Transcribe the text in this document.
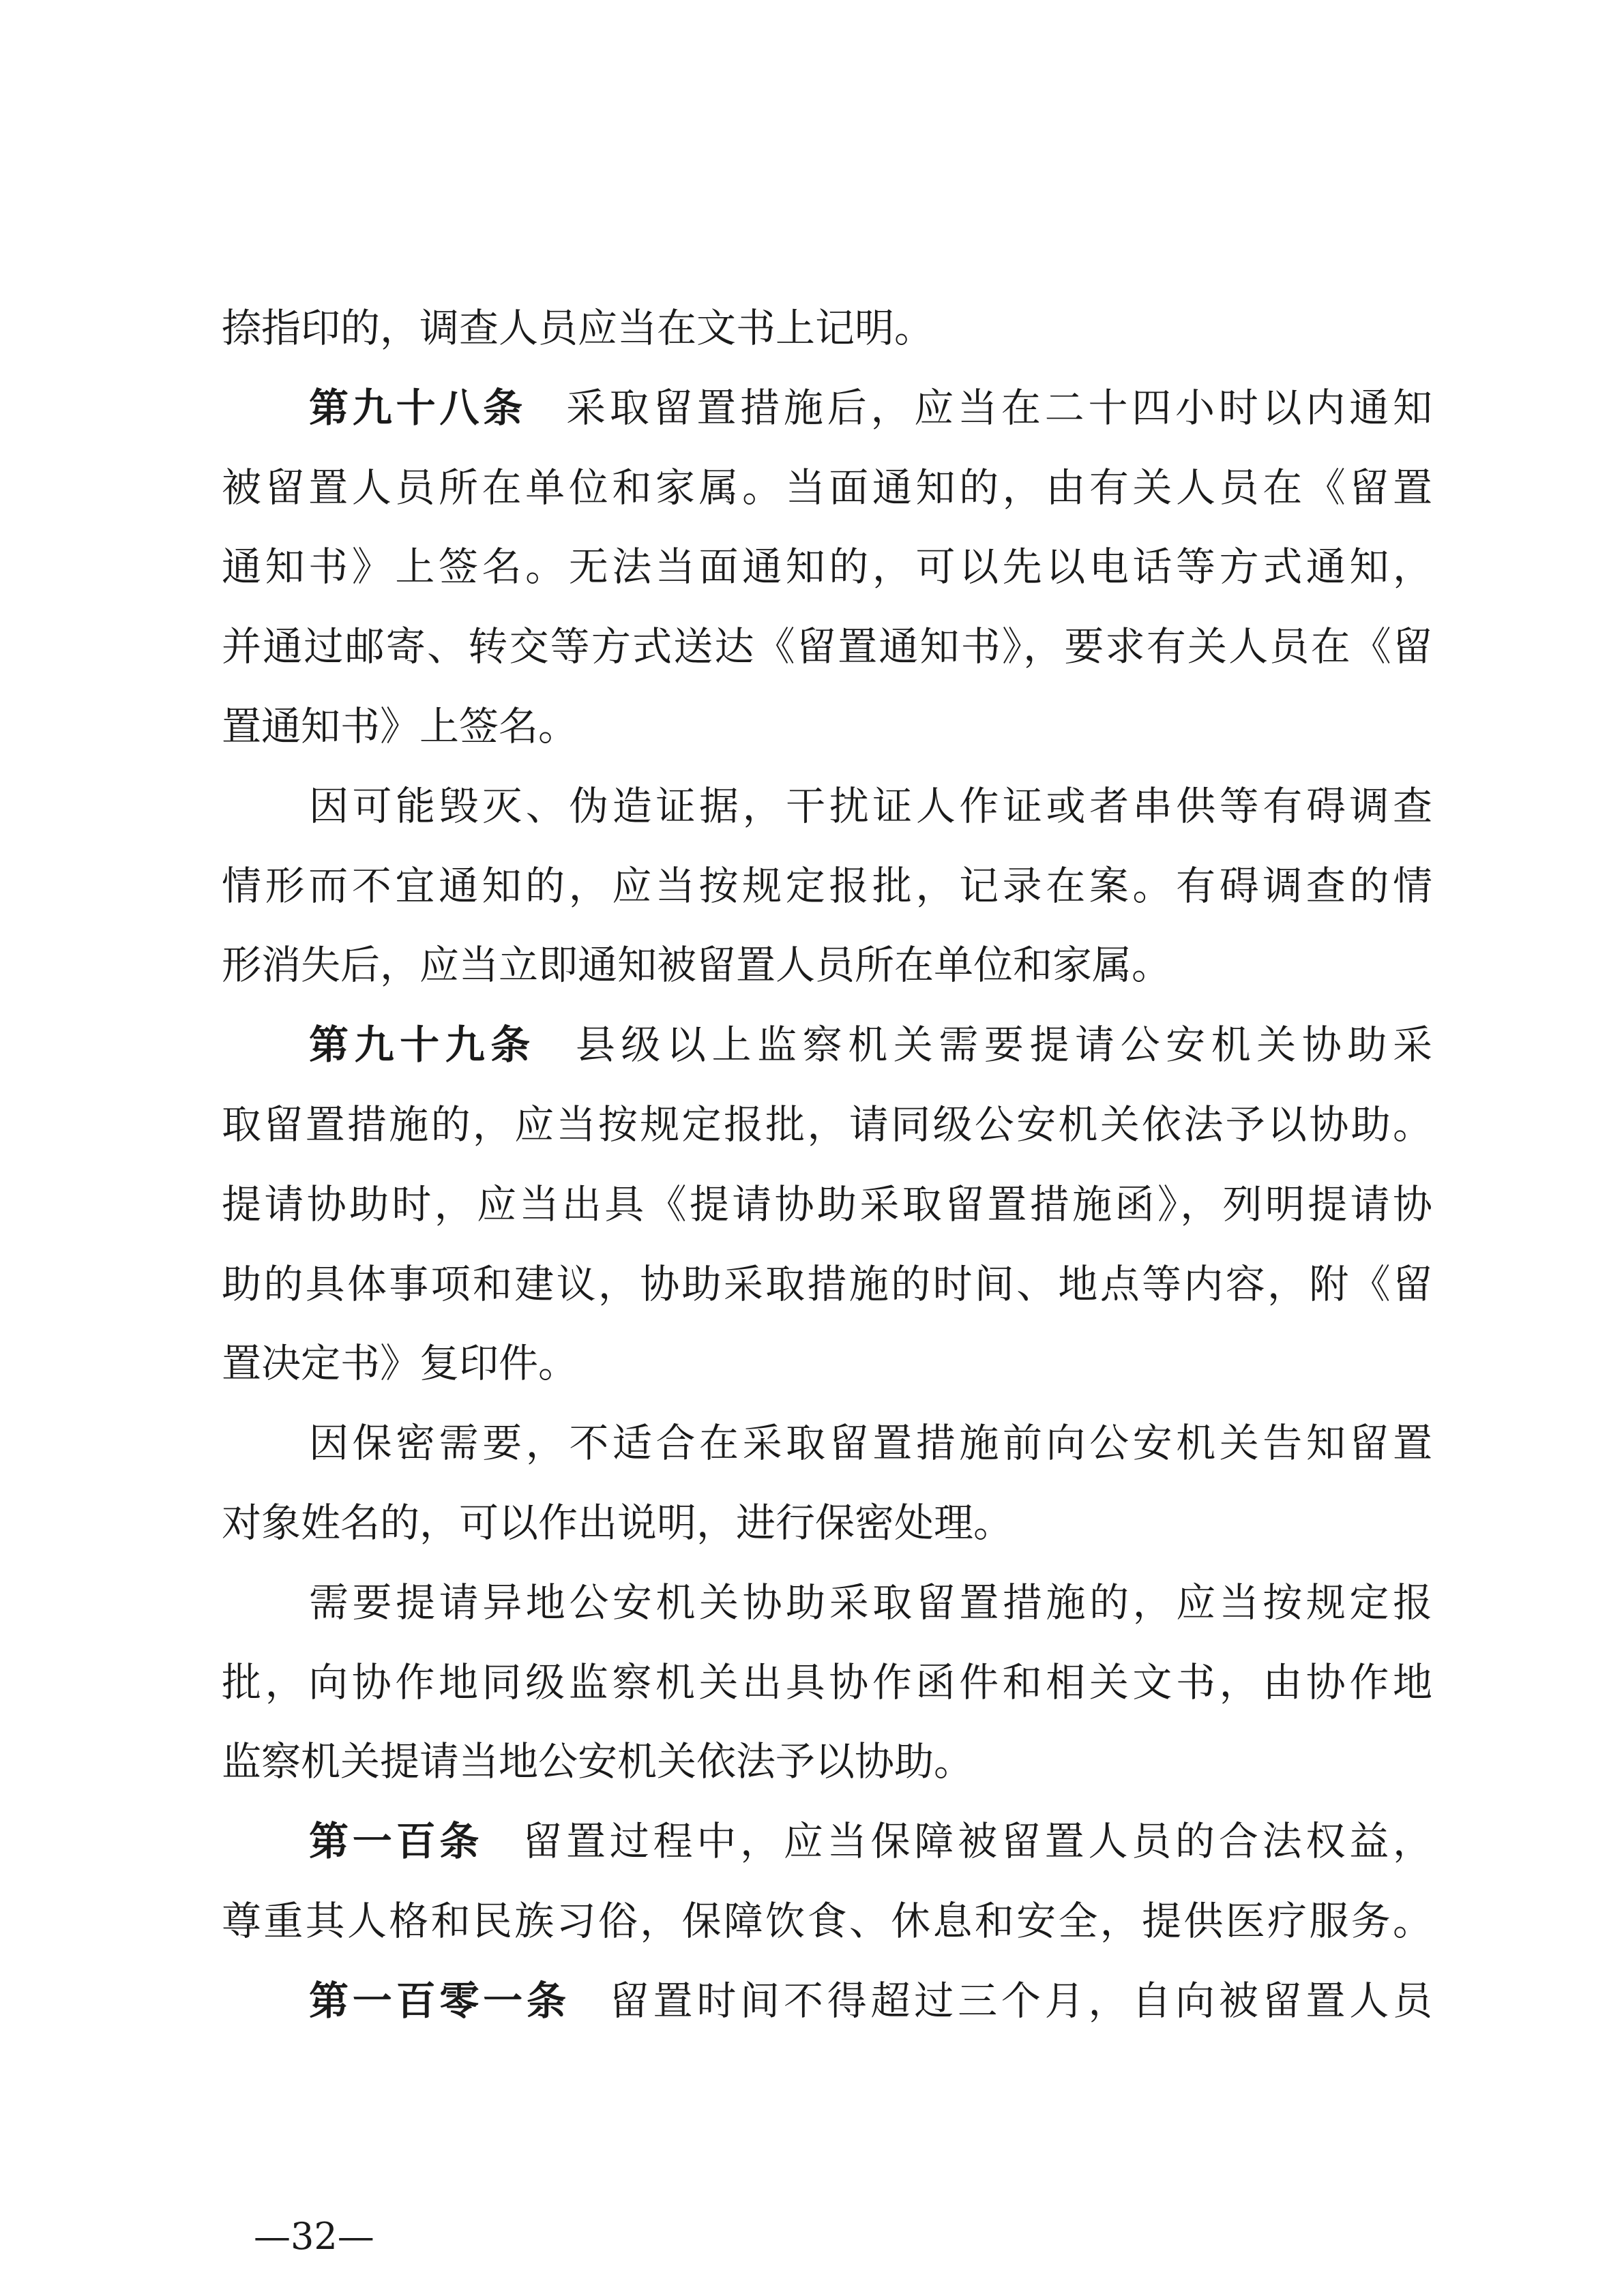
捺指印的，调查人员应当在文书上记明。
第九十八条 采取留置措施后，应当在二十四小时以内通知
被留置人员所在单位和家属。当面通知的，由有关人员在《留置
通知书》上签名。无法当面通知的，可以先以电话等方式通知，
并通过邮寄、转交等方式送达《留置通知书》，要求有关人员在《留
置通知书》上签名。
因可能毁灭、伪造证据，干扰证人作证或者串供等有碍调查
情形而不宜通知的，应当按规定报批，记录在案。有碍调查的情
形消失后，应当立即通知被留置人员所在单位和家属。
第九十九条 县级以上监察机关需要提请公安机关协助采
取留置措施的，应当按规定报批，请同级公安机关依法予以协助。
提请协助时，应当出具《提请协助采取留置措施函》，列明提请协
助的具体事项和建议，协助采取措施的时间、地点等内容，附《留
置决定书》复印件。
因保密需要，不适合在采取留置措施前向公安机关告知留置
对象姓名的，可以作出说明，进行保密处理。
需要提请异地公安机关协助采取留置措施的，应当按规定报
批，向协作地同级监察机关出具协作函件和相关文书，由协作地
监察机关提请当地公安机关依法予以协助。
第一百条 留置过程中，应当保障被留置人员的合法权益，
尊重其人格和民族习俗，保障饮食、休息和安全，提供医疗服务。
第一百零一条 留置时间不得超过三个月，自向被留置人员
—32—
